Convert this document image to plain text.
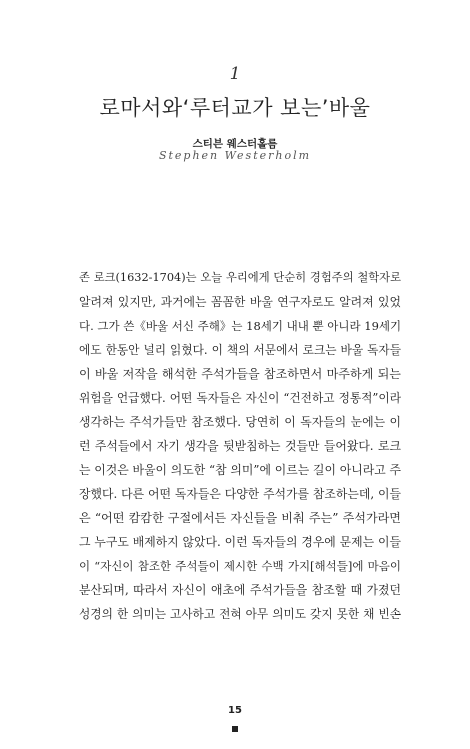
1
로마서와‘루터교가 보는’바울
스티븐 웨스터홀름
Stephen Westerholm
존 로크(1632-1704)는 오늘 우리에게 단순히 경험주의 철학자로
알려져 있지만, 과거에는 꼼꼼한 바울 연구자로도 알려져 있었
다. 그가 쓴《바울 서신 주해》는 18세기 내내 뿐 아니라 19세기
에도 한동안 널리 읽혔다. 이 책의 서문에서 로크는 바울 독자들
이 바울 저작을 해석한 주석가들을 참조하면서 마주하게 되는
위험을 언급했다. 어떤 독자들은 자신이 “건전하고 정통적”이라
생각하는 주석가들만 참조했다. 당연히 이 독자들의 눈에는 이
런 주석들에서 자기 생각을 뒷받침하는 것들만 들어왔다. 로크
는 이것은 바울이 의도한 “참 의미”에 이르는 길이 아니라고 주
장했다. 다른 어떤 독자들은 다양한 주석가를 참조하는데, 이들
은 “어떤 캄캄한 구절에서든 자신들을 비춰 주는” 주석가라면
그 누구도 배제하지 않았다. 이런 독자들의 경우에 문제는 이들
이 “자신이 참조한 주석들이 제시한 수백 가지[해석들]에 마음이
분산되며, 따라서 자신이 애초에 주석가들을 참조할 때 가졌던
성경의 한 의미는 고사하고 전혀 아무 의미도 갖지 못한 채 빈손
15
